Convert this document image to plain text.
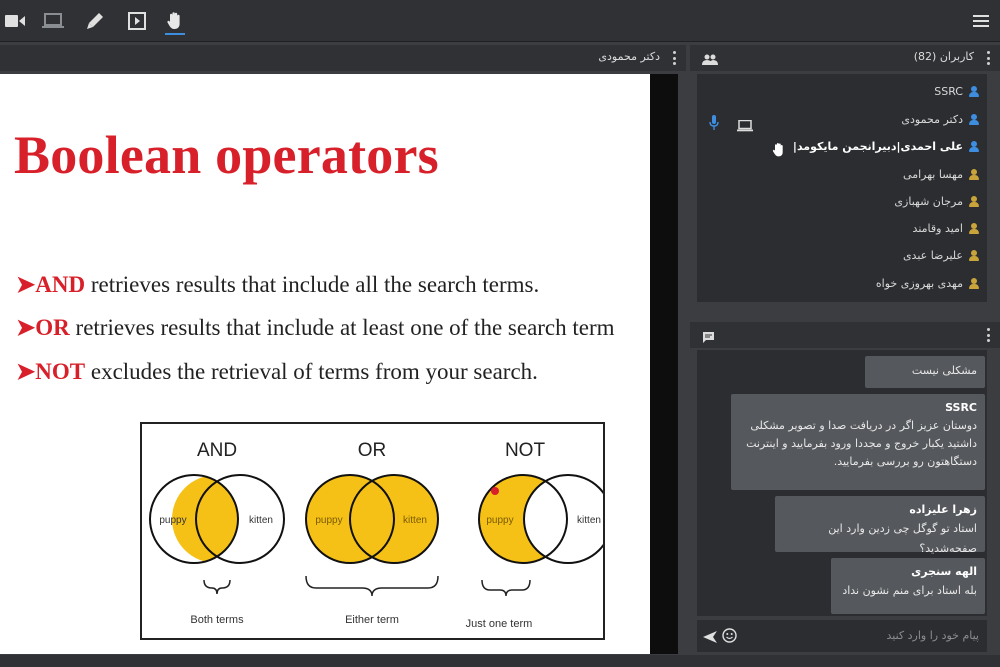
دکتر محمودی
Boolean operators
➤AND retrieves results that include all the search terms.
➤OR retrieves results that include at least one of the search term
➤NOT excludes the retrieval of terms from your search.
AND
puppy	kitten
Both terms
OR
puppy	kitten
Either term
NOT
puppy	kitten
Just one term
کاربران (82)
SSRC
دکتر محمودی
علی احمدی|دبیرانجمن مایکومد|
مهسا بهرامی
مرجان شهبازی
امید وقامند
علیرضا عبدی
مهدی بهروزی خواه
مشکلی نیست
SSRC
دوستان عزیز اگر در دریافت صدا و تصویر مشکلی داشتید یکبار خروج و مجددا ورود بفرمایید و اینترنت دستگاهتون رو بررسی بفرمایید.
زهرا علیزاده
استاد تو گوگل چی زدین وارد این صفحه‌شدید؟
الهه سنجری
بله استاد برای منم نشون نداد
پیام خود را وارد کنید
